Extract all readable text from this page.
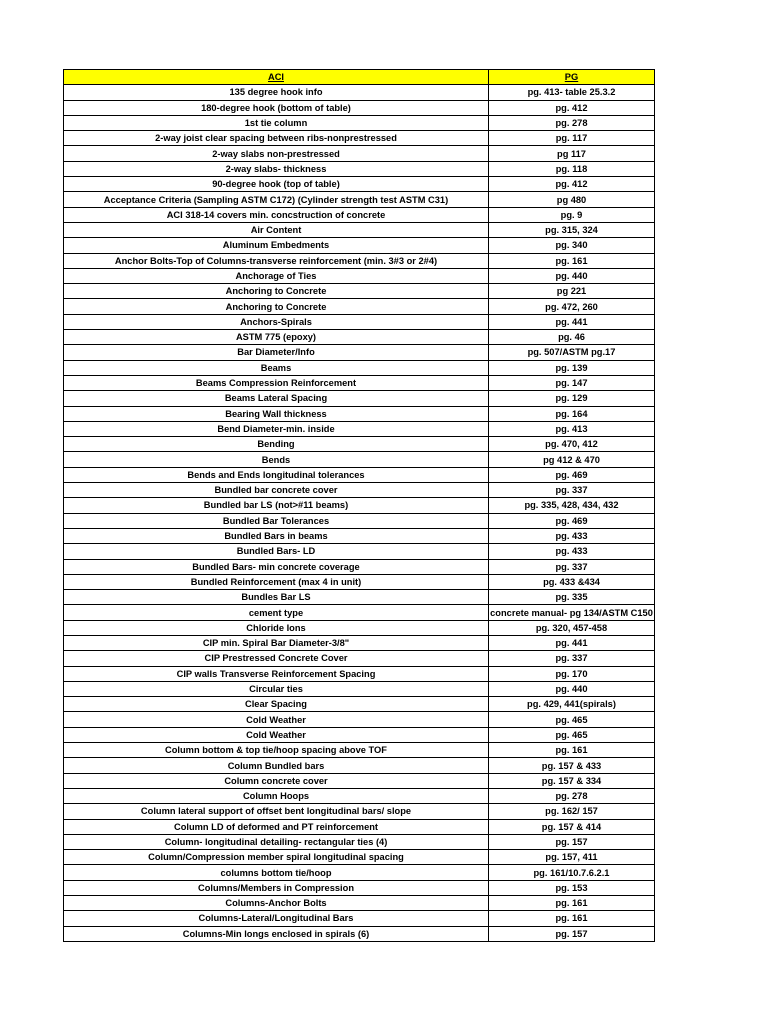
ACI	PG
135 degree hook info	pg. 413- table 25.3.2
180-degree hook (bottom of table)	pg. 412
1st tie column	pg. 278
2-way joist clear spacing between ribs-nonprestressed	pg. 117
2-way slabs non-prestressed	pg 117
2-way slabs- thickness	pg. 118
90-degree hook (top of table)	pg. 412
Acceptance Criteria (Sampling ASTM C172) (Cylinder strength test ASTM C31)	pg 480
ACI 318-14 covers min. concstruction of concrete	pg. 9
Air Content	pg. 315, 324
Aluminum Embedments	pg. 340
Anchor Bolts-Top of Columns-transverse reinforcement (min. 3#3 or 2#4)	pg. 161
Anchorage of Ties	pg. 440
Anchoring to Concrete	pg 221
Anchoring to Concrete	pg. 472, 260
Anchors-Spirals	pg. 441
ASTM 775 (epoxy)	pg. 46
Bar Diameter/Info	pg. 507/ASTM pg.17
Beams	pg. 139
Beams Compression Reinforcement	pg. 147
Beams Lateral Spacing	pg. 129
Bearing Wall thickness	pg. 164
Bend Diameter-min. inside	pg. 413
Bending	pg. 470, 412
Bends	pg 412 & 470
Bends and Ends longitudinal tolerances	pg. 469
Bundled bar concrete cover	pg. 337
Bundled bar LS (not>#11 beams)	pg. 335, 428, 434, 432
Bundled Bar Tolerances	pg. 469
Bundled Bars in beams	pg. 433
Bundled Bars- LD	pg. 433
Bundled Bars- min concrete coverage	pg. 337
Bundled Reinforcement (max 4 in unit)	pg. 433 &434
Bundles Bar LS	pg. 335
cement type	concrete manual- pg 134/ASTM C150
Chloride Ions	pg. 320, 457-458
CIP min. Spiral Bar Diameter-3/8"	pg. 441
CIP Prestressed Concrete Cover	pg. 337
CIP walls Transverse Reinforcement Spacing	pg. 170
Circular ties	pg. 440
Clear Spacing	pg. 429, 441(spirals)
Cold Weather	pg. 465
Cold Weather	pg. 465
Column bottom & top tie/hoop spacing above TOF	pg. 161
Column Bundled bars	pg. 157 & 433
Column concrete cover	pg. 157 & 334
Column Hoops	pg. 278
Column lateral support of offset bent longitudinal bars/ slope	pg. 162/ 157
Column LD of deformed and PT reinforcement	pg. 157 & 414
Column- longitudinal detailing- rectangular ties (4)	pg. 157
Column/Compression member spiral longitudinal spacing	pg. 157, 411
columns bottom tie/hoop	pg. 161/10.7.6.2.1
Columns/Members in Compression	pg. 153
Columns-Anchor Bolts	pg. 161
Columns-Lateral/Longitudinal Bars	pg. 161
Columns-Min longs enclosed in spirals (6)	pg. 157
